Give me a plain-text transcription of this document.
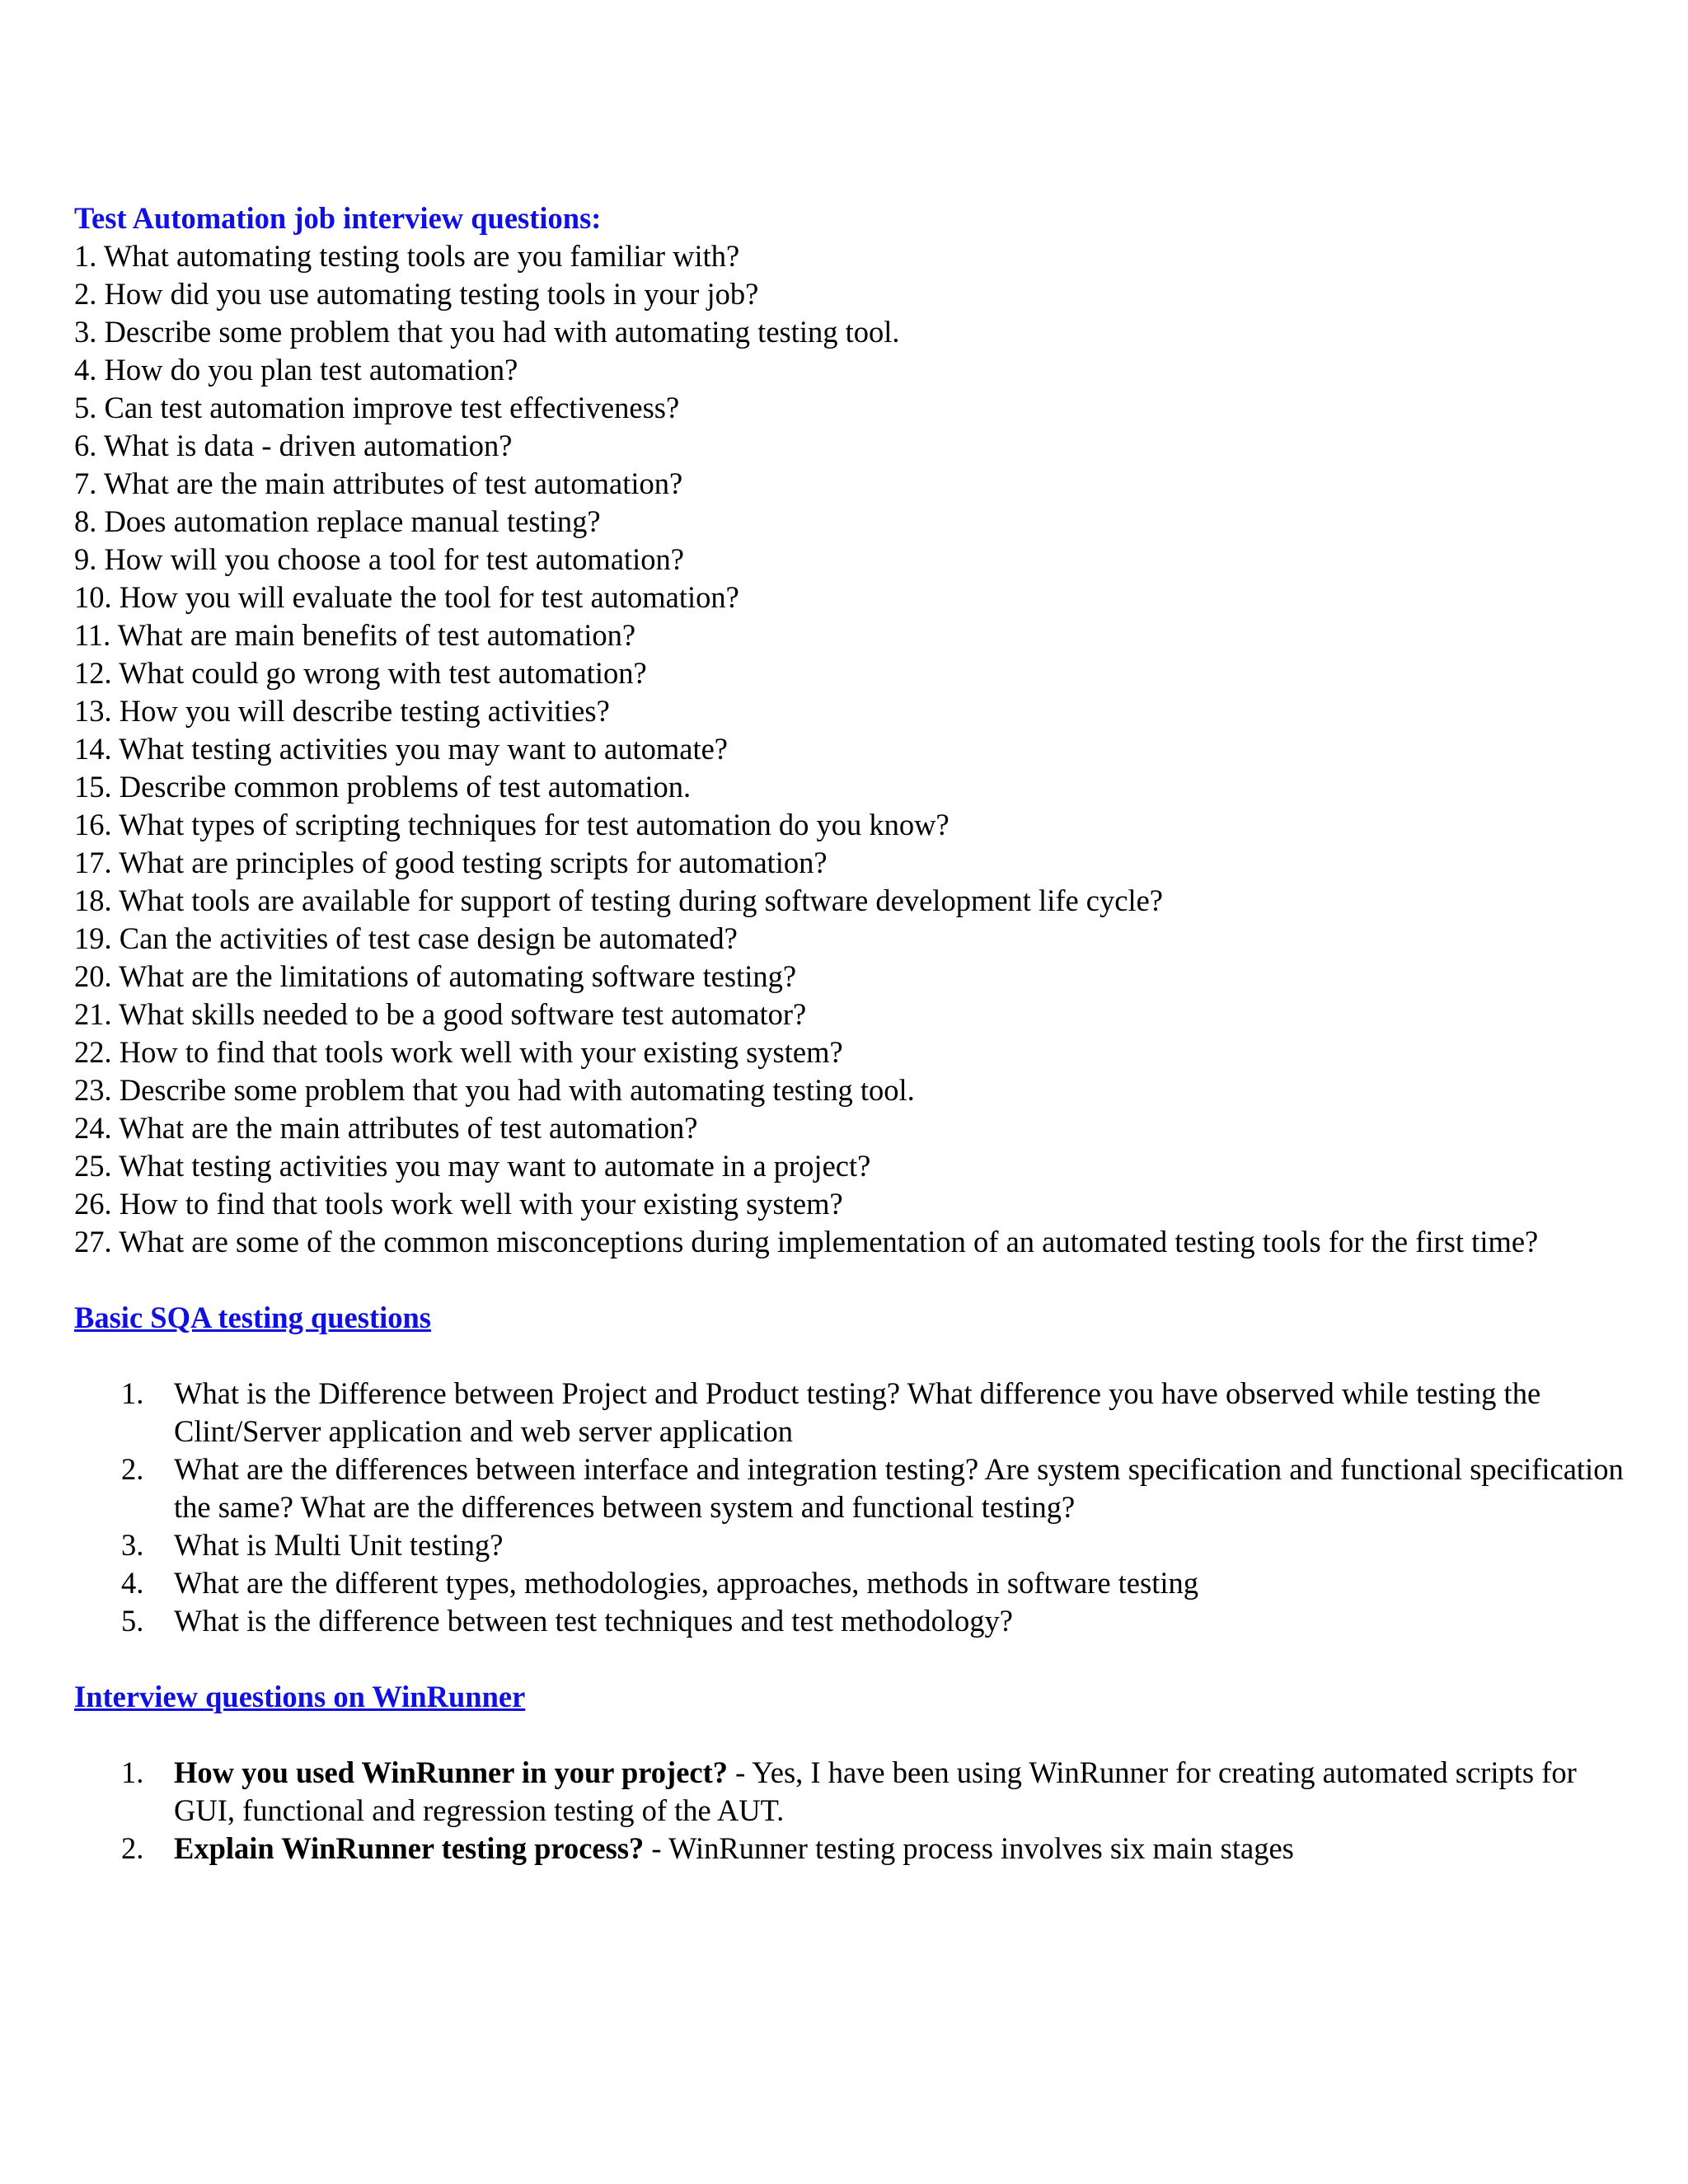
Test Automation job interview questions:

1. What automating testing tools are you familiar with?

2. How did you use automating testing tools in your job?

3. Describe some problem that you had with automating testing tool.

4. How do you plan test automation?

5. Can test automation improve test effectiveness?

6. What is data - driven automation?

7. What are the main attributes of test automation?

8. Does automation replace manual testing?

9. How will you choose a tool for test automation?

10. How you will evaluate the tool for test automation?

11. What are main benefits of test automation?

12. What could go wrong with test automation?

13. How you will describe testing activities?

14. What testing activities you may want to automate?

15. Describe common problems of test automation.

16. What types of scripting techniques for test automation do you know?

17. What are principles of good testing scripts for automation?

18. What tools are available for support of testing during software development life cycle?

19. Can the activities of test case design be automated?

20. What are the limitations of automating software testing?

21. What skills needed to be a good software test automator?

22. How to find that tools work well with your existing system?

23. Describe some problem that you had with automating testing tool.

24. What are the main attributes of test automation?

25. What testing activities you may want to automate in a project?

26. How to find that tools work well with your existing system?

27. What are some of the common misconceptions during implementation of an automated testing tools for the first time?

Basic SQA testing questions
1. What is the Difference between Project and Product testing? What difference you have observed while testing the Clint/Server application and web server application
2. What are the differences between interface and integration testing? Are system specification and functional specification the same? What are the differences between system and functional testing?
3. What is Multi Unit testing?
4. What are the different types, methodologies, approaches, methods in software testing
5. What is the difference between test techniques and test methodology?
Interview questions on WinRunner
1. How you used WinRunner in your project? - Yes, I have been using WinRunner for creating automated scripts for GUI, functional and regression testing of the AUT.
2. Explain WinRunner testing process? - WinRunner testing process involves six main stages
